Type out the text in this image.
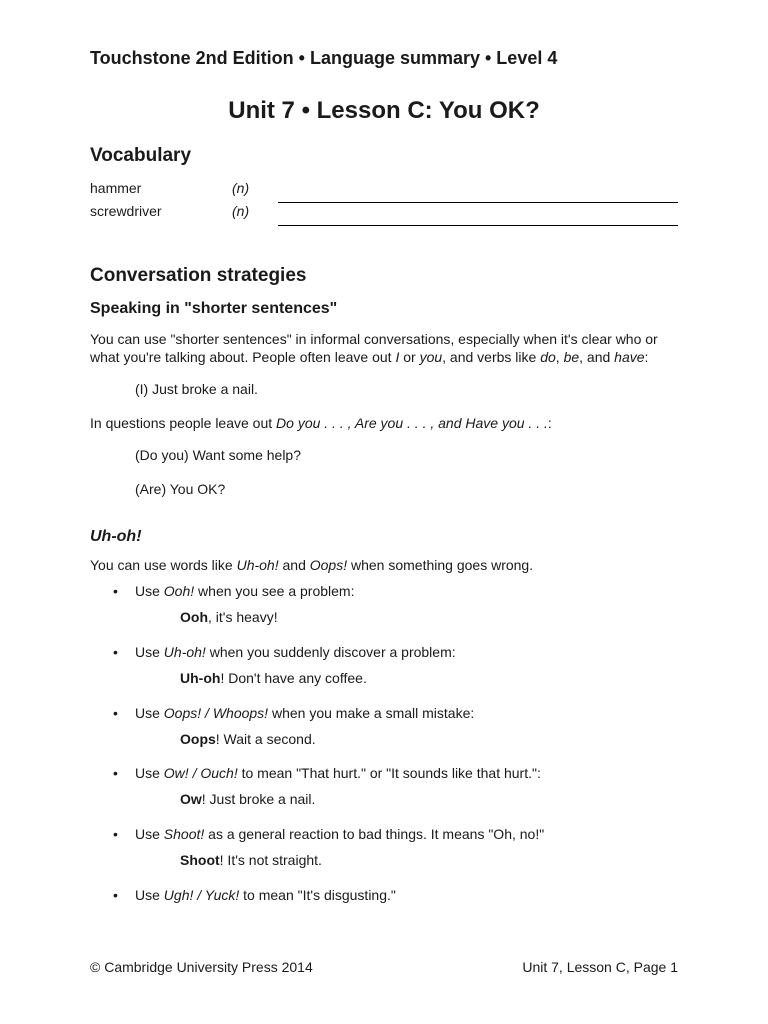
Touchstone 2nd Edition • Language summary • Level 4
Unit 7 • Lesson C: You OK?
Vocabulary
hammer	(n)
screwdriver	(n)
Conversation strategies
Speaking in "shorter sentences"
You can use "shorter sentences" in informal conversations, especially when it's clear who or
what you're talking about. People often leave out I or you, and verbs like do, be, and have:
(I) Just broke a nail.
In questions people leave out Do you . . . , Are you . . . , and Have you . . .:
(Do you) Want some help?
(Are) You OK?
Uh-oh!
You can use words like Uh-oh! and Oops! when something goes wrong.
• Use Ooh! when you see a problem:
Ooh, it's heavy!
• Use Uh-oh! when you suddenly discover a problem:
Uh-oh! Don't have any coffee.
• Use Oops! / Whoops! when you make a small mistake:
Oops! Wait a second.
• Use Ow! / Ouch! to mean "That hurt." or "It sounds like that hurt.":
Ow! Just broke a nail.
• Use Shoot! as a general reaction to bad things. It means "Oh, no!"
Shoot! It's not straight.
• Use Ugh! / Yuck! to mean "It's disgusting."
© Cambridge University Press 2014	Unit 7, Lesson C, Page 1
